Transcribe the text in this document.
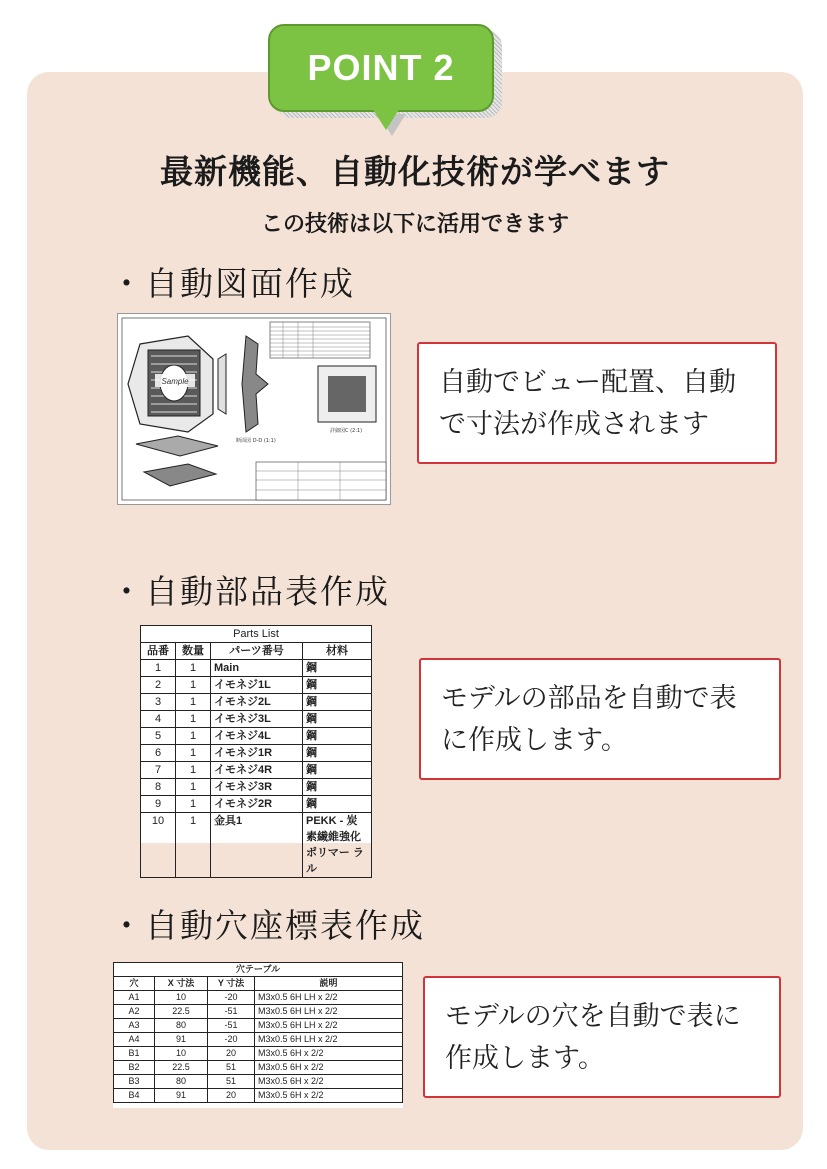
POINT 2
最新機能、自動化技術が学べます
この技術は以下に活用できます
・自動図面作成
Sample
断面図 D-D (1:1)
詳細図C (2:1)
自動でビュー配置、自動で寸法が作成されます
・自動部品表作成
Parts List			
品番	数量	パーツ番号	材料
1	1	Main	鋼
2	1	イモネジ1L	鋼
3	1	イモネジ2L	鋼
4	1	イモネジ3L	鋼
5	1	イモネジ4L	鋼
6	1	イモネジ1R	鋼
7	1	イモネジ4R	鋼
8	1	イモネジ3R	鋼
9	1	イモネジ2R	鋼
10	1	金具1	PEKK - 炭素繊維強化ポリマー ラル
モデルの部品を自動で表に作成します。
・自動穴座標表作成
穴テーブル			
穴	X 寸法	Y 寸法	説明
A1	10	-20	M3x0.5 6H LH x 2/2
A2	22.5	-51	M3x0.5 6H LH x 2/2
A3	80	-51	M3x0.5 6H LH x 2/2
A4	91	-20	M3x0.5 6H LH x 2/2
B1	10	20	M3x0.5 6H x 2/2
B2	22.5	51	M3x0.5 6H x 2/2
B3	80	51	M3x0.5 6H x 2/2
B4	91	20	M3x0.5 6H x 2/2
モデルの穴を自動で表に作成します。
